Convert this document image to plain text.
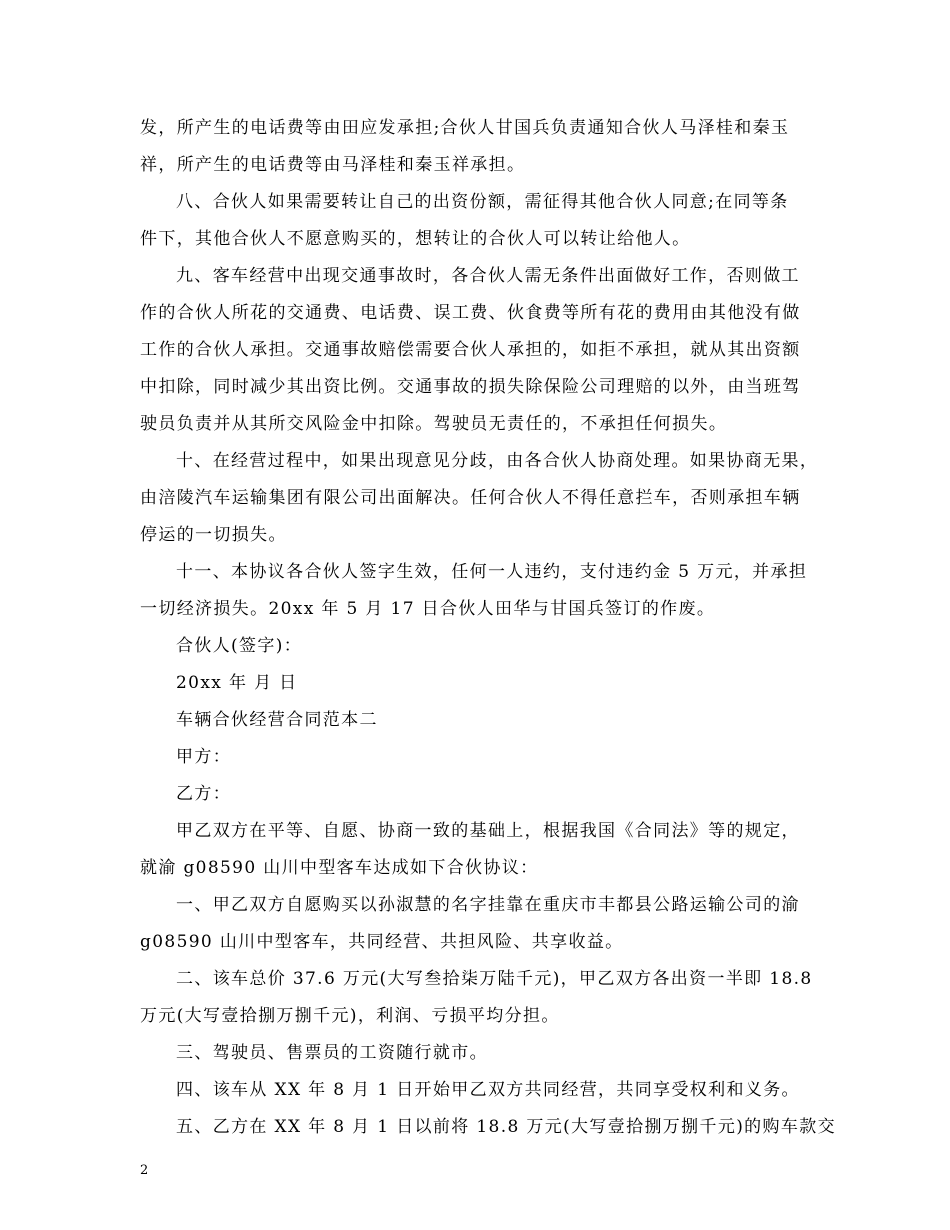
发，所产生的电话费等由田应发承担;合伙人甘国兵负责通知合伙人马泽桂和秦玉
祥，所产生的电话费等由马泽桂和秦玉祥承担。
八、合伙人如果需要转让自己的出资份额，需征得其他合伙人同意;在同等条
件下，其他合伙人不愿意购买的，想转让的合伙人可以转让给他人。
九、客车经营中出现交通事故时，各合伙人需无条件出面做好工作，否则做工
作的合伙人所花的交通费、电话费、误工费、伙食费等所有花的费用由其他没有做
工作的合伙人承担。交通事故赔偿需要合伙人承担的，如拒不承担，就从其出资额
中扣除，同时减少其出资比例。交通事故的损失除保险公司理赔的以外，由当班驾
驶员负责并从其所交风险金中扣除。驾驶员无责任的，不承担任何损失。
十、在经营过程中，如果出现意见分歧，由各合伙人协商处理。如果协商无果，
由涪陵汽车运输集团有限公司出面解决。任何合伙人不得任意拦车，否则承担车辆
停运的一切损失。
十一、本协议各合伙人签字生效，任何一人违约，支付违约金 5 万元，并承担
一切经济损失。20xx 年 5 月 17 日合伙人田华与甘国兵签订的作废。
合伙人(签字)：
20xx 年 月 日
车辆合伙经营合同范本二
甲方：
乙方：
甲乙双方在平等、自愿、协商一致的基础上，根据我国《合同法》等的规定，
就渝 g08590 山川中型客车达成如下合伙协议：
一、甲乙双方自愿购买以孙淑慧的名字挂靠在重庆市丰都县公路运输公司的渝
g08590 山川中型客车，共同经营、共担风险、共享收益。
二、该车总价 37.6 万元(大写叁拾柒万陆千元)，甲乙双方各出资一半即 18.8
万元(大写壹拾捌万捌千元)，利润、亏损平均分担。
三、驾驶员、售票员的工资随行就市。
四、该车从 XX 年 8 月 1 日开始甲乙双方共同经营，共同享受权利和义务。
五、乙方在 XX 年 8 月 1 日以前将 18.8 万元(大写壹拾捌万捌千元)的购车款交
2
